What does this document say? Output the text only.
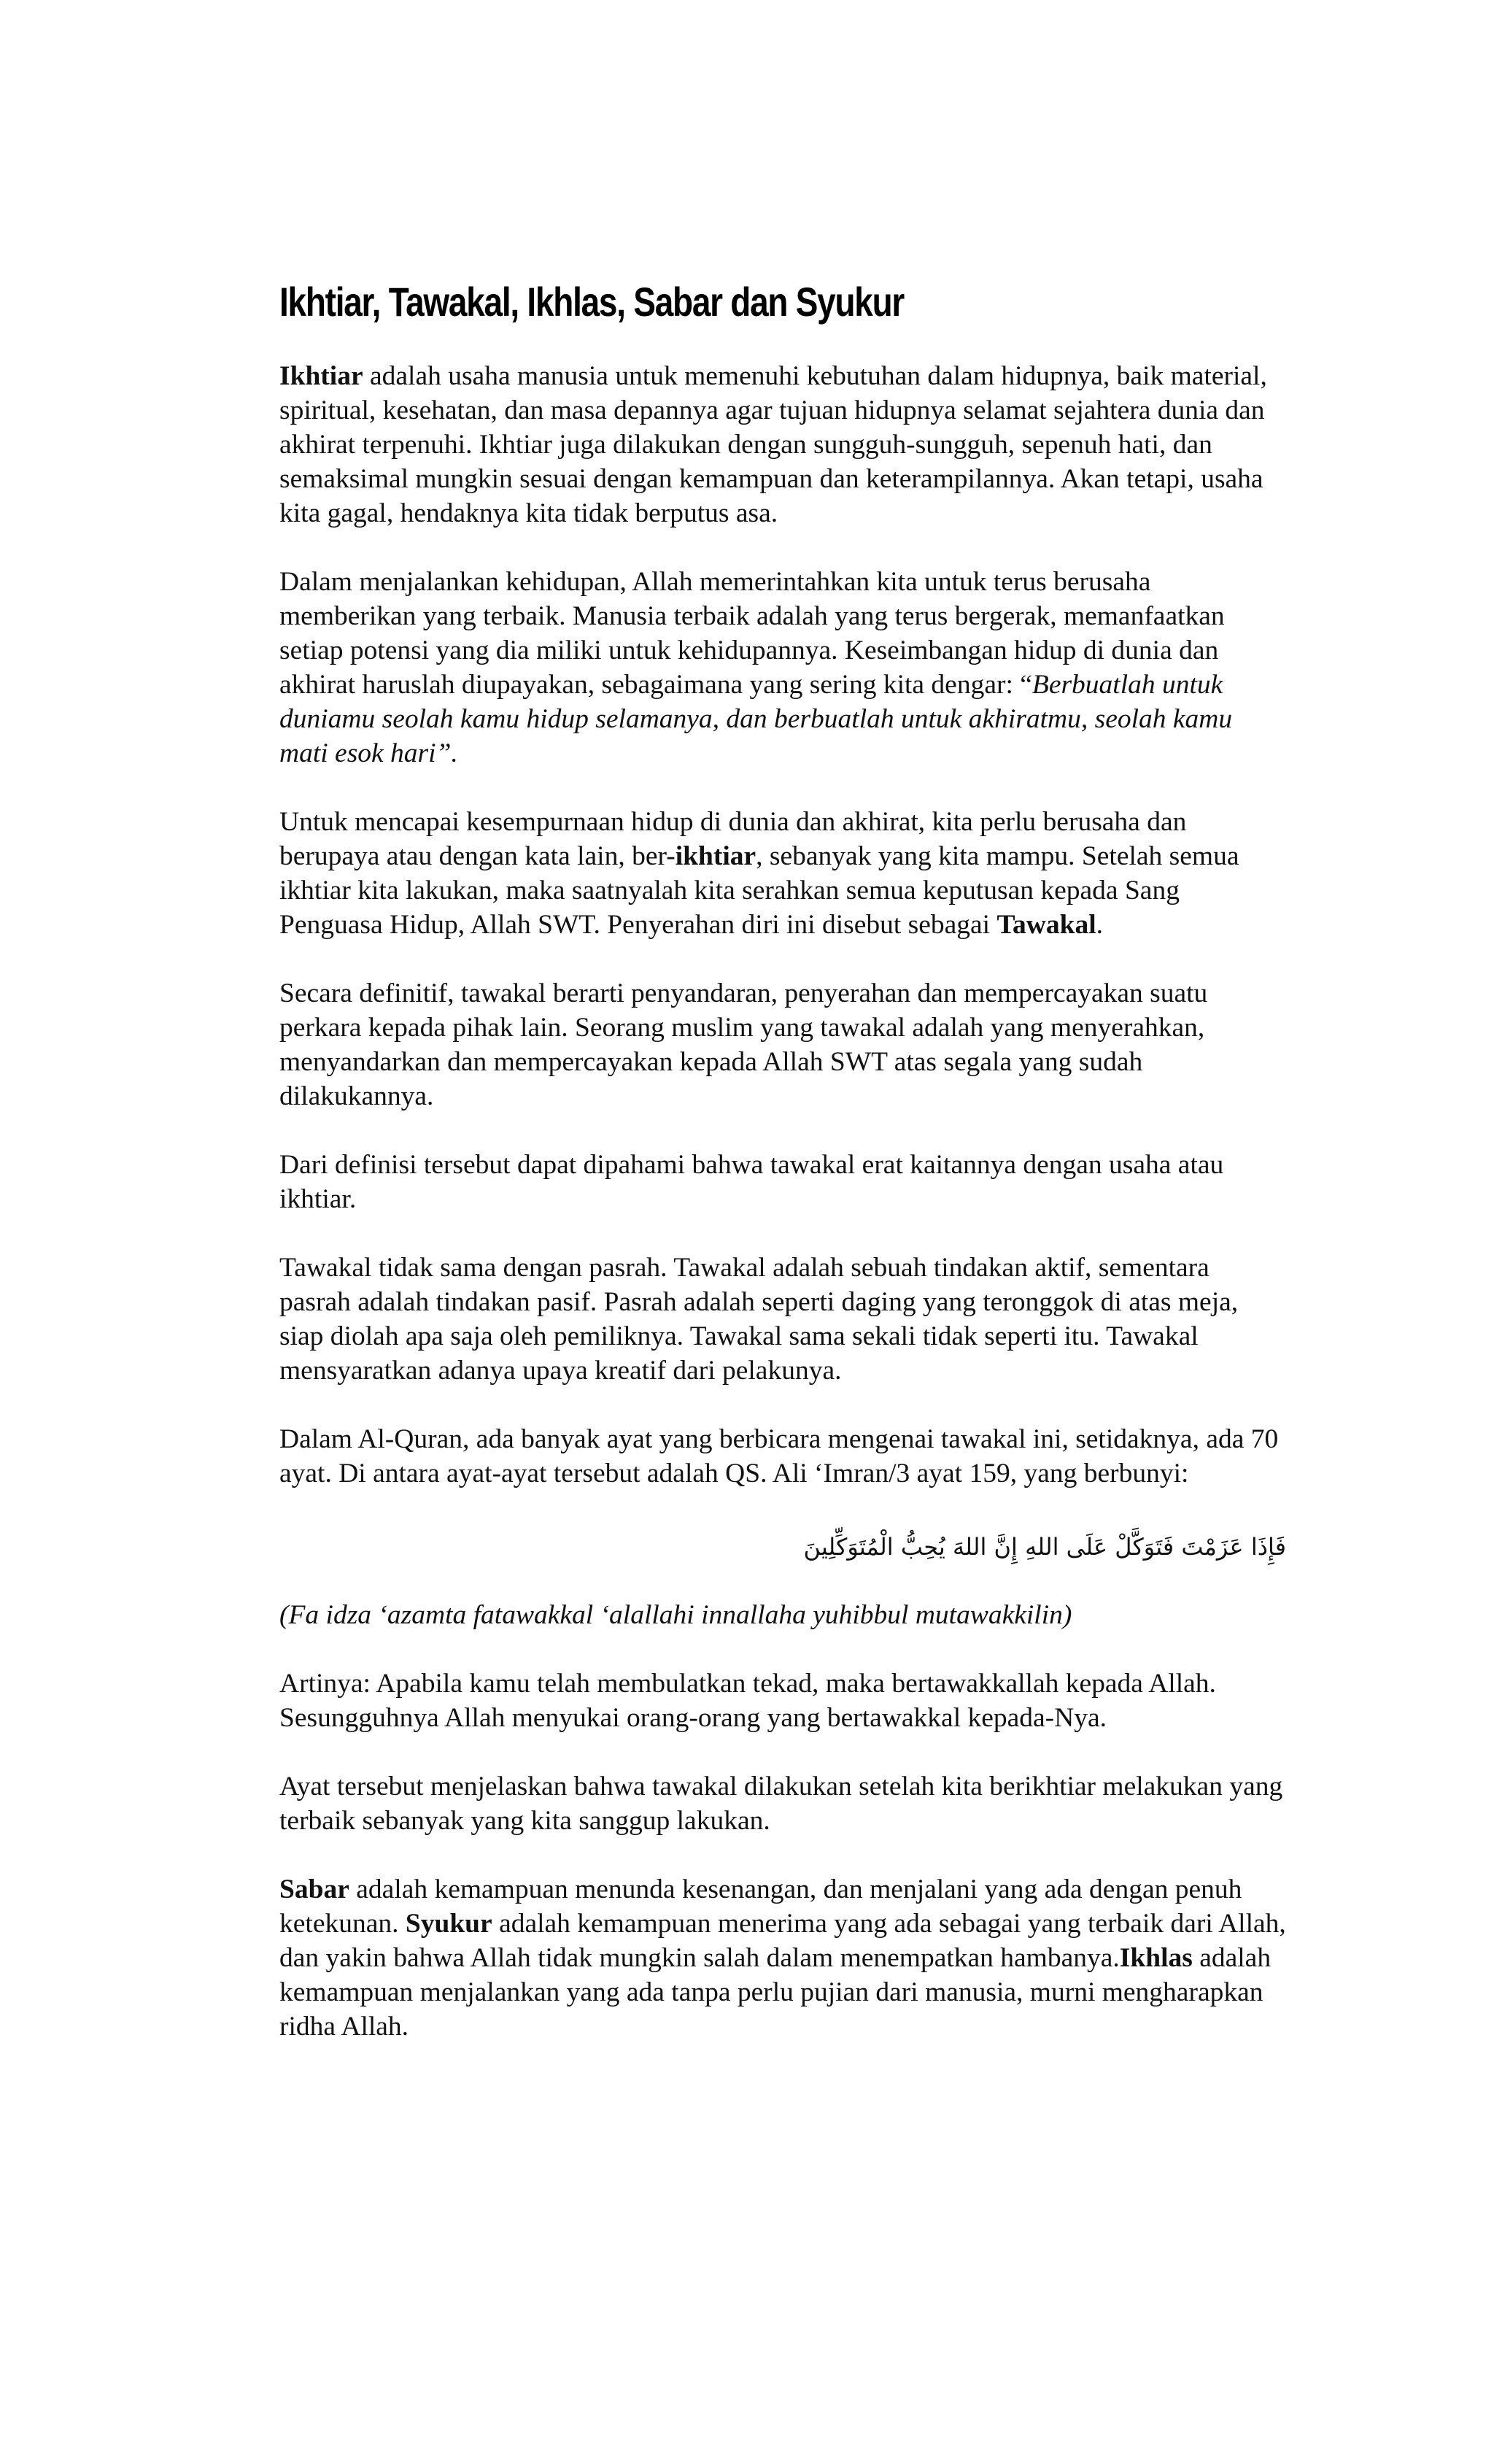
Ikhtiar, Tawakal, Ikhlas, Sabar dan Syukur

Ikhtiar adalah usaha manusia untuk memenuhi kebutuhan dalam hidupnya, baik material, spiritual, kesehatan, dan masa depannya agar tujuan hidupnya selamat sejahtera dunia dan akhirat terpenuhi. Ikhtiar juga dilakukan dengan sungguh-sungguh, sepenuh hati, dan semaksimal mungkin sesuai dengan kemampuan dan keterampilannya. Akan tetapi, usaha kita gagal, hendaknya kita tidak berputus asa.

Dalam menjalankan kehidupan, Allah memerintahkan kita untuk terus berusaha memberikan yang terbaik. Manusia terbaik adalah yang terus bergerak, memanfaatkan setiap potensi yang dia miliki untuk kehidupannya. Keseimbangan hidup di dunia dan akhirat haruslah diupayakan, sebagaimana yang sering kita dengar: “Berbuatlah untuk duniamu seolah kamu hidup selamanya, dan berbuatlah untuk akhiratmu, seolah kamu mati esok hari”.

Untuk mencapai kesempurnaan hidup di dunia dan akhirat, kita perlu berusaha dan berupaya atau dengan kata lain, ber-ikhtiar, sebanyak yang kita mampu. Setelah semua ikhtiar kita lakukan, maka saatnyalah kita serahkan semua keputusan kepada Sang Penguasa Hidup, Allah SWT. Penyerahan diri ini disebut sebagai Tawakal.

Secara definitif, tawakal berarti penyandaran, penyerahan dan mempercayakan suatu perkara kepada pihak lain. Seorang muslim yang tawakal adalah yang menyerahkan, menyandarkan dan mempercayakan kepada Allah SWT atas segala yang sudah dilakukannya.

Dari definisi tersebut dapat dipahami bahwa tawakal erat kaitannya dengan usaha atau ikhtiar.

Tawakal tidak sama dengan pasrah. Tawakal adalah sebuah tindakan aktif, sementara pasrah adalah tindakan pasif. Pasrah adalah seperti daging yang teronggok di atas meja, siap diolah apa saja oleh pemiliknya. Tawakal sama sekali tidak seperti itu. Tawakal mensyaratkan adanya upaya kreatif dari pelakunya.

Dalam Al-Quran, ada banyak ayat yang berbicara mengenai tawakal ini, setidaknya, ada 70 ayat. Di antara ayat-ayat tersebut adalah QS. Ali ‘Imran/3 ayat 159, yang berbunyi:

فَإِذَا عَزَمْتَ فَتَوَكَّلْ عَلَى اللهِ إِنَّ اللهَ يُحِبُّ الْمُتَوَكِّلِينَ

(Fa idza ‘azamta fatawakkal ‘alallahi innallaha yuhibbul mutawakkilin)

Artinya: Apabila kamu telah membulatkan tekad, maka bertawakkallah kepada Allah. Sesungguhnya Allah menyukai orang-orang yang bertawakkal kepada-Nya.

Ayat tersebut menjelaskan bahwa tawakal dilakukan setelah kita berikhtiar melakukan yang terbaik sebanyak yang kita sanggup lakukan.

Sabar adalah kemampuan menunda kesenangan, dan menjalani yang ada dengan penuh ketekunan. Syukur adalah kemampuan menerima yang ada sebagai yang terbaik dari Allah, dan yakin bahwa Allah tidak mungkin salah dalam menempatkan hambanya.Ikhlas adalah kemampuan menjalankan yang ada tanpa perlu pujian dari manusia, murni mengharapkan ridha Allah.
